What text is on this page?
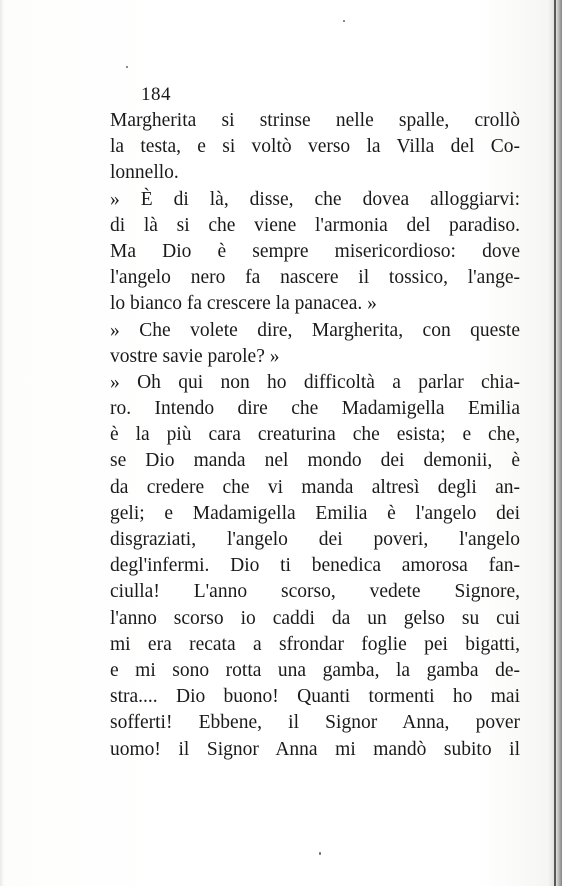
184
Margherita si strinse nelle spalle, crollò
la testa, e si voltò verso la Villa del Co-
lonnello.
» È di là, disse, che dovea alloggiarvi:
di là si che viene l'armonia del paradiso.
Ma Dio è sempre misericordioso: dove
l'angelo nero fa nascere il tossico, l'ange-
lo bianco fa crescere la panacea. »
» Che volete dire, Margherita, con queste
vostre savie parole? »
» Oh qui non ho difficoltà a parlar chia-
ro. Intendo dire che Madamigella Emilia
è la più cara creaturina che esista; e che,
se Dio manda nel mondo dei demonii, è
da credere che vi manda altresì degli an-
geli; e Madamigella Emilia è l'angelo dei
disgraziati, l'angelo dei poveri, l'angelo
degl'infermi. Dio ti benedica amorosa fan-
ciulla! L'anno scorso, vedete Signore,
l'anno scorso io caddi da un gelso su cui
mi era recata a sfrondar foglie pei bigatti,
e mi sono rotta una gamba, la gamba de-
stra.... Dio buono! Quanti tormenti ho mai
sofferti! Ebbene, il Signor Anna, pover
uomo! il Signor Anna mi mandò subito il
